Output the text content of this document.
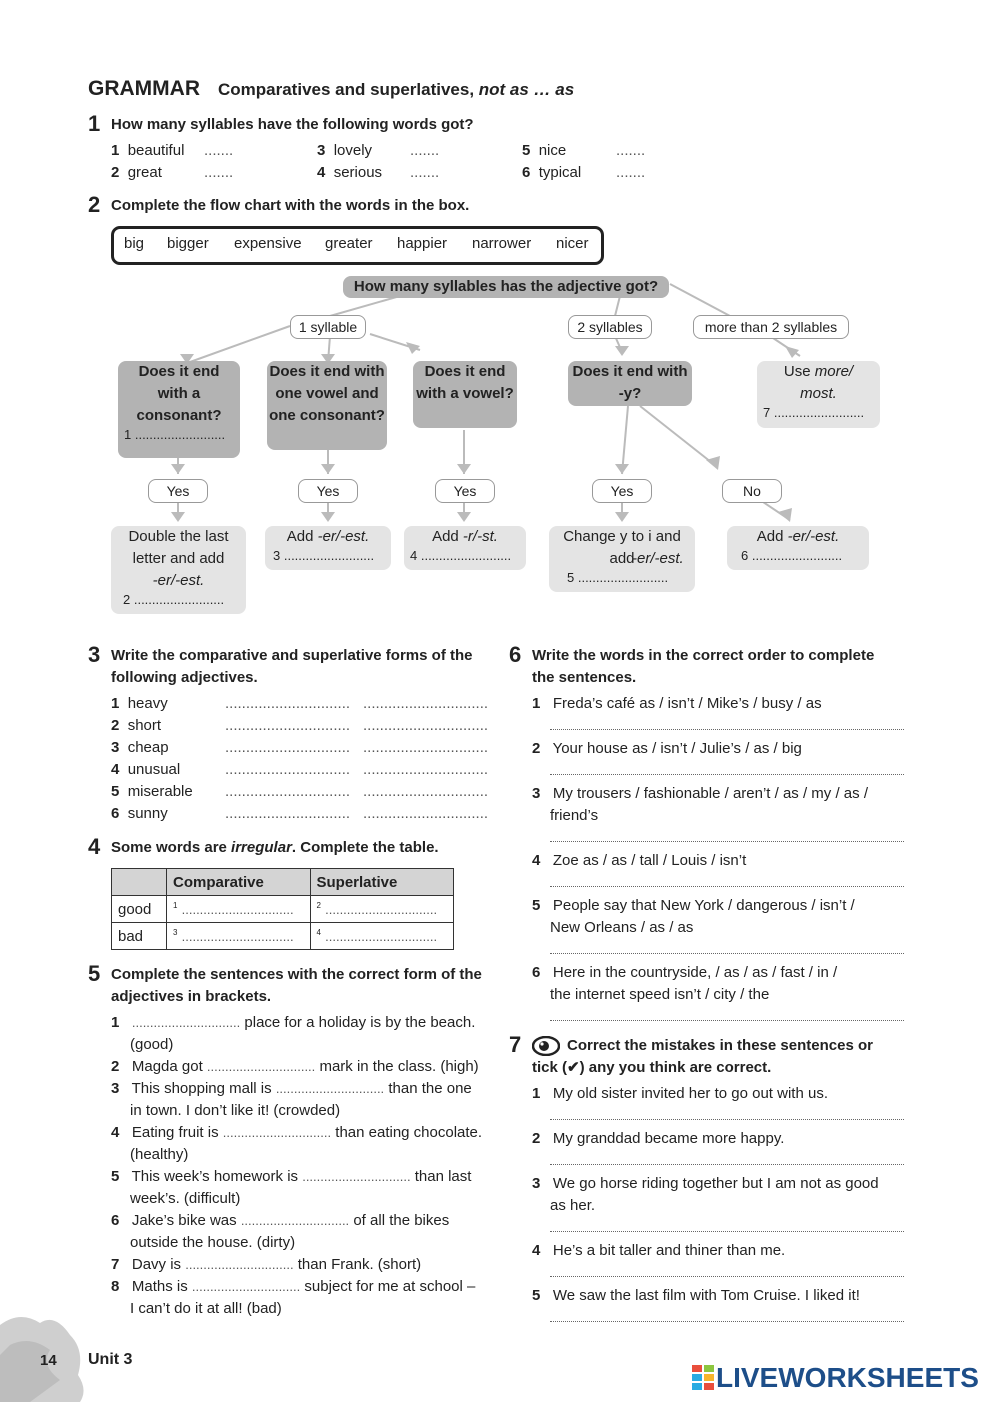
GRAMMAR Comparatives and superlatives, not as … as
1 How many syllables have the following words got?
1 beautiful .......
2 great	.......
3 lovely	.......
4 serious .......
5 nice	.......
6 typical .......
2 Complete the flow chart with the words in the box.
big bigger expensive greater happier narrower nicer
How many syllables has the adjective got?
1 syllable	2 syllables	more than 2 syllables
Does it end with a consonant?
1 .........................
Does it end with one vowel and one consonant?
Does it end with a vowel?
Does it end with -y?
Use more/ most.
7 .........................
Yes	Yes	Yes	Yes	No
Double the last letter and add
-er/-est.
2 .........................
Add -er/-est.
3 .........................
Add -r/-st.
4 .........................
Change y to i and add
5 .........................
-er/-est.
Add -er/-est.
6 .........................
3 Write the comparative and superlative forms of the
following adjectives.
1 heavy	.............................. ..............................
2 short	.............................. ..............................
3 cheap	.............................. ..............................
4 unusual	.............................. ..............................
5 miserable .............................. ..............................
6 sunny	.............................. ..............................
4 Some words are irregular. Complete the table.
	Comparative	Superlative
good	$^1$ ...............................	$^2$ ...............................
bad	$^3$ ...............................	$^4$ ...............................
5 Complete the sentences with the correct form of the
adjectives in brackets.
1 .............................. place for a holiday is by the beach.
(good)
2 Magda got .............................. mark in the class. (high)
3 This shopping mall is .............................. than the one
in town. I don’t like it! (crowded)
4 Eating fruit is .............................. than eating chocolate.
(healthy)
5 This week’s homework is .............................. than last
week’s. (difficult)
6 Jake’s bike was .............................. of all the bikes
outside the house. (dirty)
7 Davy is .............................. than Frank. (short)
8 Maths is .............................. subject for me at school –
I can’t do it at all! (bad)
6 Write the words in the correct order to complete
the sentences.
1 Freda’s café as / isn’t / Mike’s / busy / as
2 Your house as / isn’t / Julie’s / as / big
3 My trousers / fashionable / aren’t / as / my / as /
friend’s
4 Zoe as / as / tall / Louis / isn’t
5 People say that New York / dangerous / isn’t /
New Orleans / as / as
6 Here in the countryside, / as / as / fast / in /
the internet speed isn’t / city / the
7	Correct the mistakes in these sentences or
tick (✔) any you think are correct.
1 My old sister invited her to go out with us.
2 My granddad became more happy.
3 We go horse riding together but I am not as good
as her.
4 He’s a bit taller and thiner than me.
5 We saw the last film with Tom Cruise. I liked it!
14 Unit 3
LIVEWORKSHEETS
